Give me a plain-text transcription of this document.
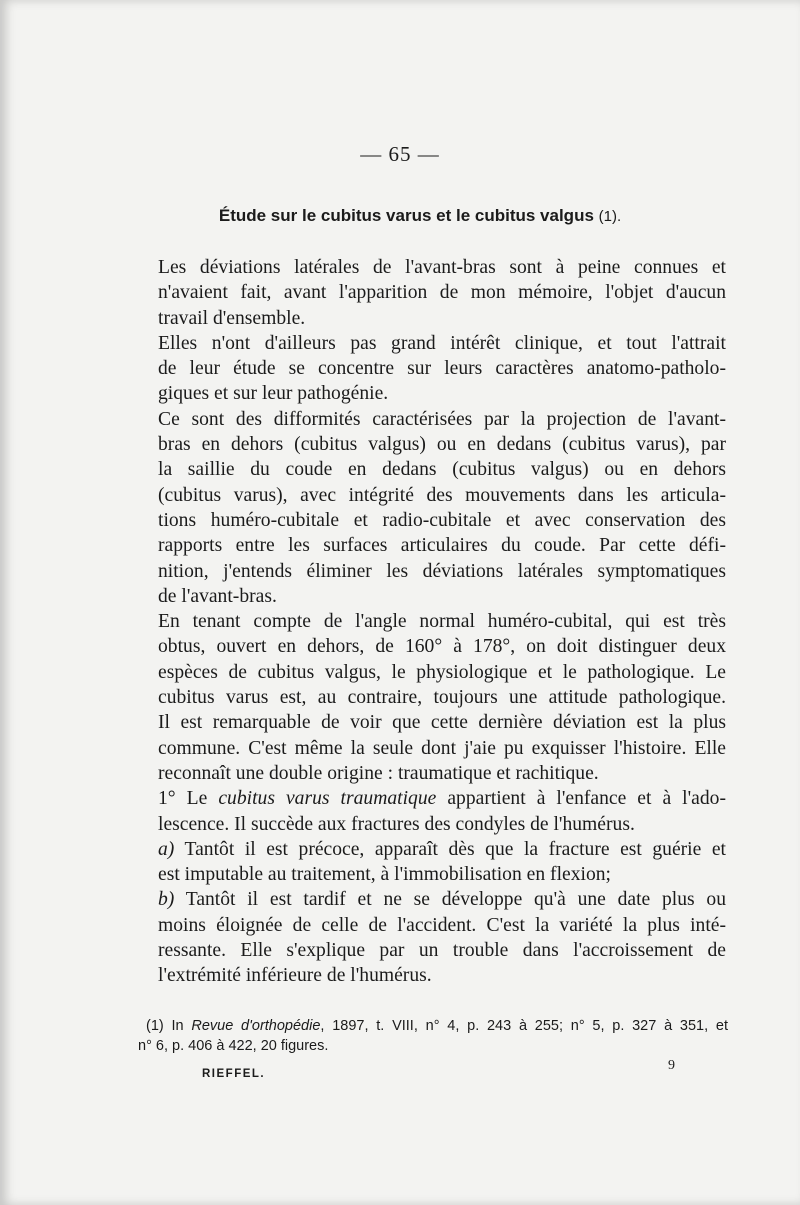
— 65 —
Étude sur le cubitus varus et le cubitus valgus (1).

Les déviations latérales de l'avant-bras sont à peine connues et
n'avaient fait, avant l'apparition de mon mémoire, l'objet d'aucun
travail d'ensemble.

Elles n'ont d'ailleurs pas grand intérêt clinique, et tout l'attrait
de leur étude se concentre sur leurs caractères anatomo-patholo-
giques et sur leur pathogénie.

Ce sont des difformités caractérisées par la projection de l'avant-
bras en dehors (cubitus valgus) ou en dedans (cubitus varus), par
la saillie du coude en dedans (cubitus valgus) ou en dehors
(cubitus varus), avec intégrité des mouvements dans les articula-
tions huméro-cubitale et radio-cubitale et avec conservation des
rapports entre les surfaces articulaires du coude. Par cette défi-
nition, j'entends éliminer les déviations latérales symptomatiques
de l'avant-bras.

En tenant compte de l'angle normal huméro-cubital, qui est très
obtus, ouvert en dehors, de 160° à 178°, on doit distinguer deux
espèces de cubitus valgus, le physiologique et le pathologique. Le
cubitus varus est, au contraire, toujours une attitude pathologique.
Il est remarquable de voir que cette dernière déviation est la plus
commune. C'est même la seule dont j'aie pu exquisser l'histoire. Elle
reconnaît une double origine : traumatique et rachitique.

1° Le cubitus varus traumatique appartient à l'enfance et à l'ado-
lescence. Il succède aux fractures des condyles de l'humérus.

a) Tantôt il est précoce, apparaît dès que la fracture est guérie et
est imputable au traitement, à l'immobilisation en flexion;

b) Tantôt il est tardif et ne se développe qu'à une date plus ou
moins éloignée de celle de l'accident. C'est la variété la plus inté-
ressante. Elle s'explique par un trouble dans l'accroissement de
l'extrémité inférieure de l'humérus.

(1) In Revue d'orthopédie, 1897, t. VIII, n° 4, p. 243 à 255; n° 5, p. 327 à 351, et
n° 6, p. 406 à 422, 20 figures.
RIEFFEL.
9
